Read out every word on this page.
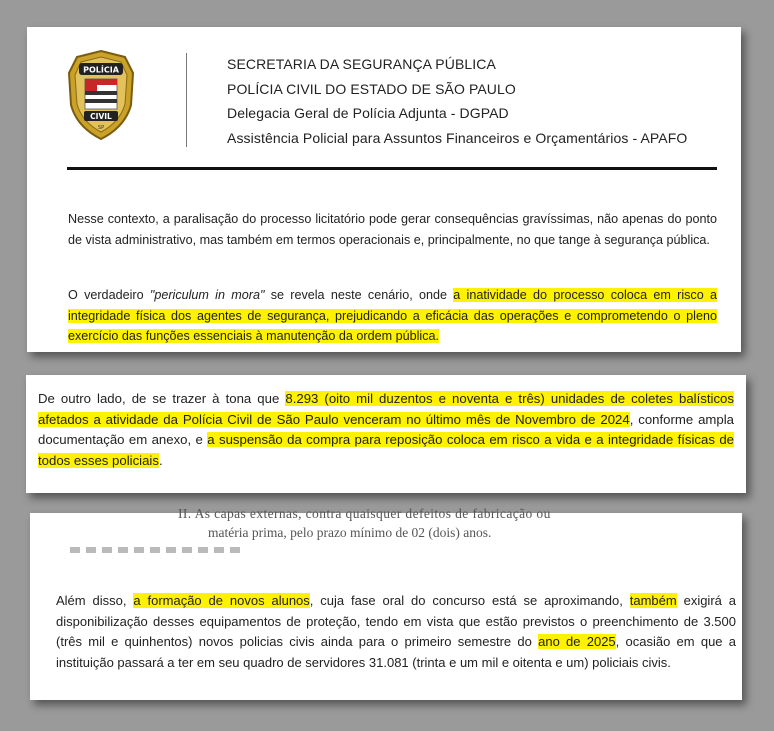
POLÍCIA
CIVIL
SP
SECRETARIA DA SEGURANÇA PÚBLICA
POLÍCIA CIVIL DO ESTADO DE SÃO PAULO
Delegacia Geral de Polícia Adjunta - DGPAD
Assistência Policial para Assuntos Financeiros e Orçamentários - APAFO
Nesse contexto, a paralisação do processo licitatório pode gerar consequências gravíssimas, não apenas do ponto de vista administrativo, mas também em termos operacionais e, principalmente, no que tange à segurança pública.
O verdadeiro "periculum in mora" se revela neste cenário, onde a inatividade do processo coloca em risco a integridade física dos agentes de segurança, prejudicando a eficácia das operações e comprometendo o pleno exercício das funções essenciais à manutenção da ordem pública.
De outro lado, de se trazer à tona que 8.293 (oito mil duzentos e noventa e três) unidades de coletes balísticos afetados a atividade da Polícia Civil de São Paulo venceram no último mês de Novembro de 2024, conforme ampla documentação em anexo, e a suspensão da compra para reposição coloca em risco a vida e a integridade físicas de todos esses policiais.
II. As capas externas, contra quaisquer defeitos de fabricação ou
matéria prima, pelo prazo mínimo de 02 (dois) anos.
Além disso, a formação de novos alunos, cuja fase oral do concurso está se aproximando, também exigirá a disponibilização desses equipamentos de proteção, tendo em vista que estão previstos o preenchimento de 3.500 (três mil e quinhentos) novos policias civis ainda para o primeiro semestre do ano de 2025, ocasião em que a instituição passará a ter em seu quadro de servidores 31.081 (trinta e um mil e oitenta e um) policiais civis.
